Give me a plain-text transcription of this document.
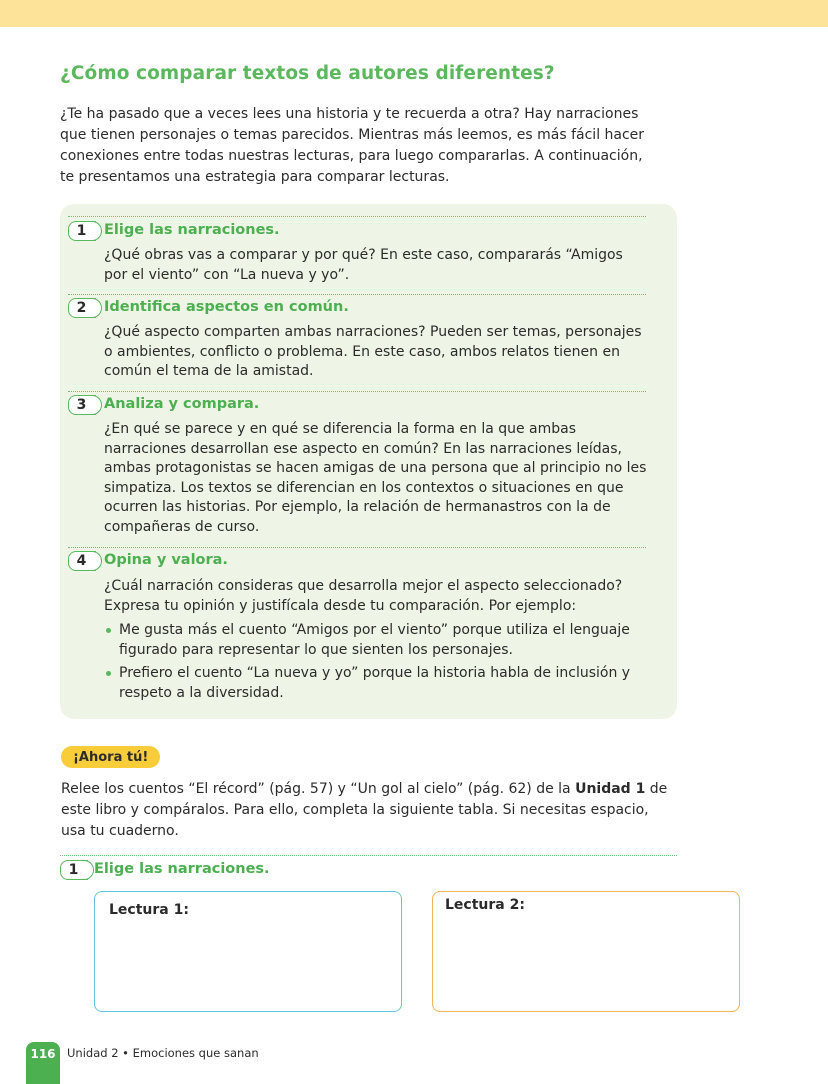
¿Cómo comparar textos de autores diferentes?

¿Te ha pasado que a veces lees una historia y te recuerda a otra? Hay narraciones que tienen personajes o temas parecidos. Mientras más leemos, es más fácil hacer conexiones entre todas nuestras lecturas, para luego compararlas. A continuación, te presentamos una estrategia para comparar lecturas.

1 Elige las narraciones.

¿Qué obras vas a comparar y por qué? En este caso, compararás “Amigos por el viento” con “La nueva y yo”.

2 Identifica aspectos en común.

¿Qué aspecto comparten ambas narraciones? Pueden ser temas, personajes o ambientes, conflicto o problema. En este caso, ambos relatos tienen en común el tema de la amistad.

3 Analiza y compara.

¿En qué se parece y en qué se diferencia la forma en la que ambas narraciones desarrollan ese aspecto en común? En las narraciones leídas, ambas protagonistas se hacen amigas de una persona que al principio no les simpatiza. Los textos se diferencian en los contextos o situaciones en que ocurren las historias. Por ejemplo, la relación de hermanastros con la de compañeras de curso.

4 Opina y valora.

¿Cuál narración consideras que desarrolla mejor el aspecto seleccionado? Expresa tu opinión y justifícala desde tu comparación. Por ejemplo:

Me gusta más el cuento “Amigos por el viento” porque utiliza el lenguaje figurado para representar lo que sienten los personajes.
Prefiero el cuento “La nueva y yo” porque la historia habla de inclusión y respeto a la diversidad.
¡Ahora tú!

Relee los cuentos “El récord” (pág. 57) y “Un gol al cielo” (pág. 62) de la Unidad 1 de este libro y compáralos. Para ello, completa la siguiente tabla. Si necesitas espacio, usa tu cuaderno.

1 Elige las narraciones.

Lectura 1:	Lectura 2:

116 Unidad 2 • Emociones que sanan
